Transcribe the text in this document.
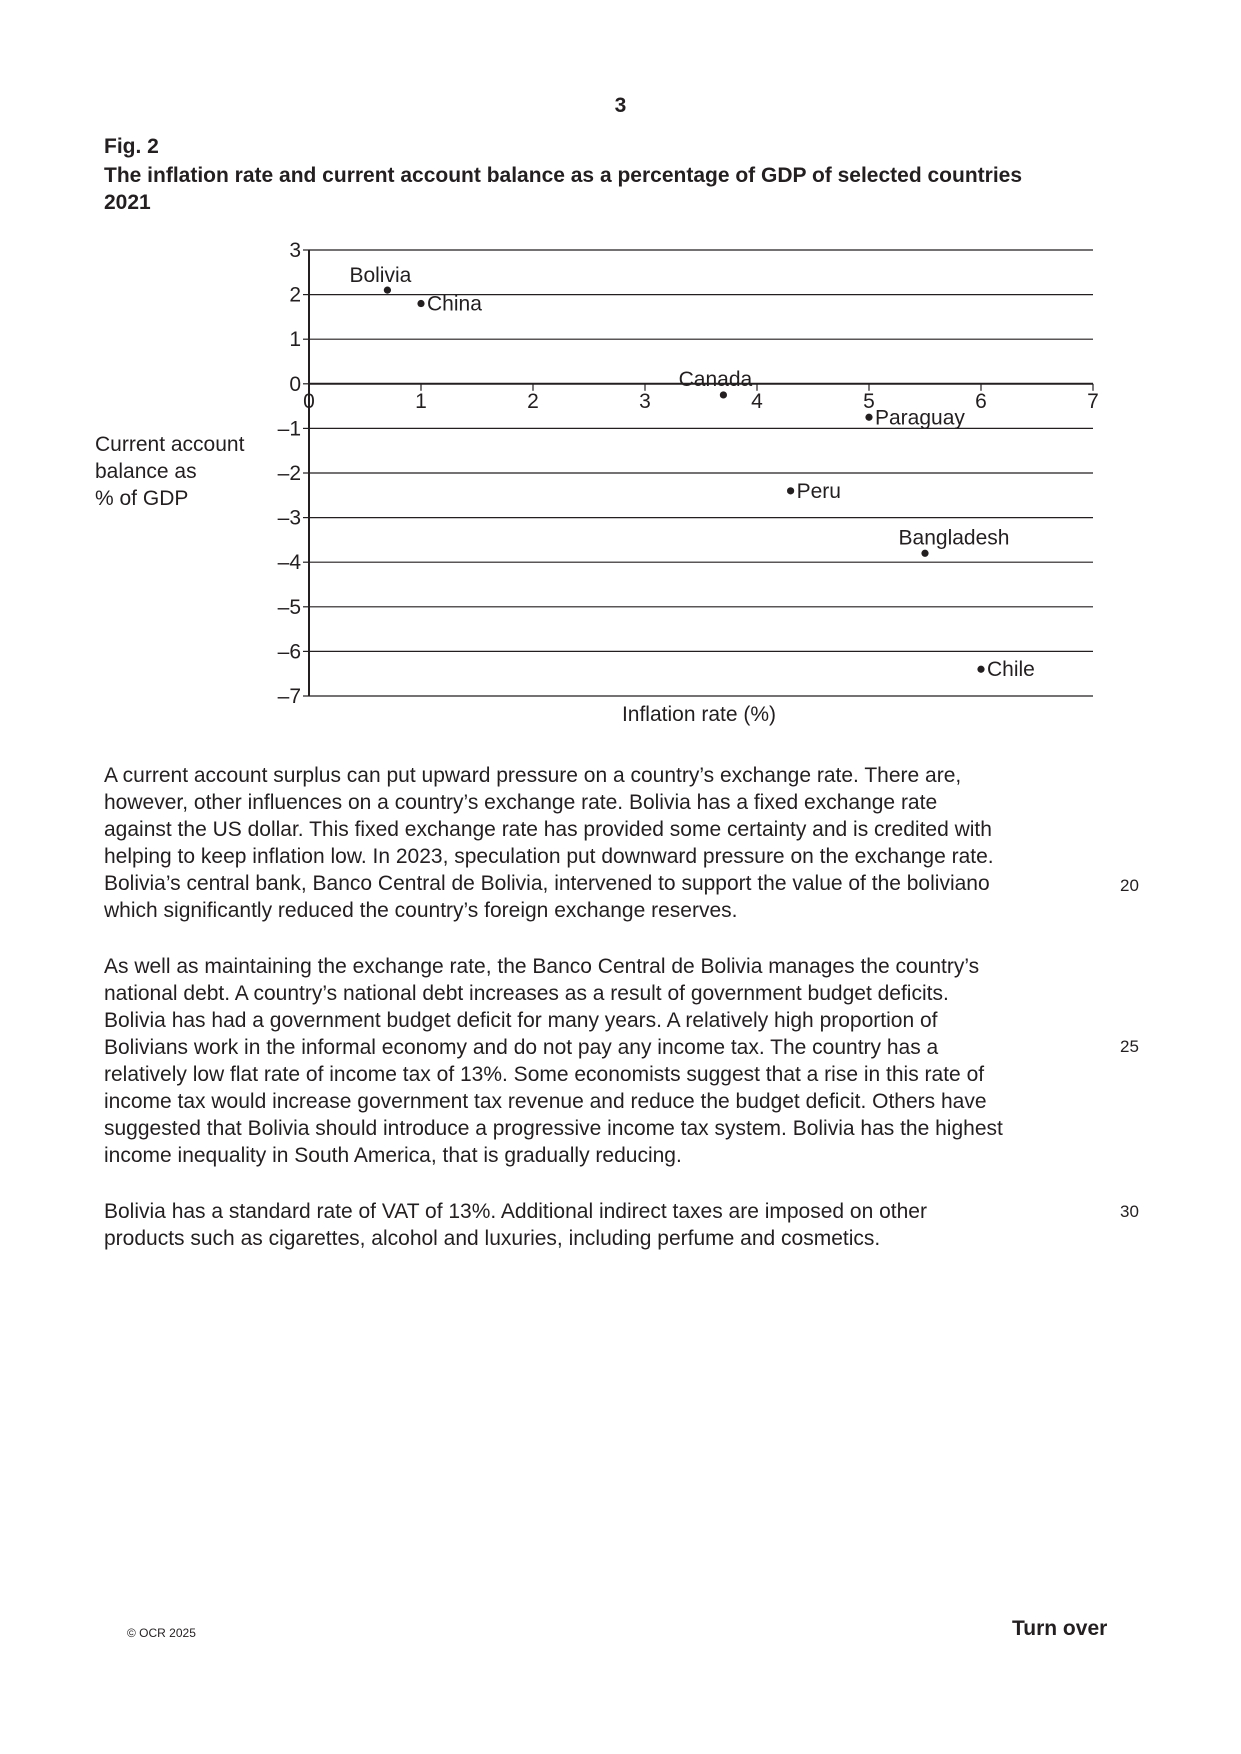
3
Fig. 2
The inflation rate and current account balance as a percentage of GDP of selected countries 2021
3
2
1
0
–1
–2
–3
–4
–5
–6
–7
0	1	2	3	4	5	6	7
Bolivia
China
Canada
Paraguay
Peru
Bangladesh
Chile
Current account
balance as
% of GDP
Inflation rate (%)
A current account surplus can put upward pressure on a country’s exchange rate. There are,
however, other influences on a country’s exchange rate. Bolivia has a fixed exchange rate
against the US dollar. This fixed exchange rate has provided some certainty and is credited with
helping to keep inflation low. In 2023, speculation put downward pressure on the exchange rate.
Bolivia’s central bank, Banco Central de Bolivia, intervened to support the value of the boliviano
which significantly reduced the country’s foreign exchange reserves.
20
As well as maintaining the exchange rate, the Banco Central de Bolivia manages the country’s
national debt. A country’s national debt increases as a result of government budget deficits.
Bolivia has had a government budget deficit for many years. A relatively high proportion of
Bolivians work in the informal economy and do not pay any income tax. The country has a
relatively low flat rate of income tax of 13%. Some economists suggest that a rise in this rate of
income tax would increase government tax revenue and reduce the budget deficit. Others have
suggested that Bolivia should introduce a progressive income tax system. Bolivia has the highest
income inequality in South America, that is gradually reducing.
25
Bolivia has a standard rate of VAT of 13%. Additional indirect taxes are imposed on other
products such as cigarettes, alcohol and luxuries, including perfume and cosmetics.
30
© OCR 2025	Turn over
